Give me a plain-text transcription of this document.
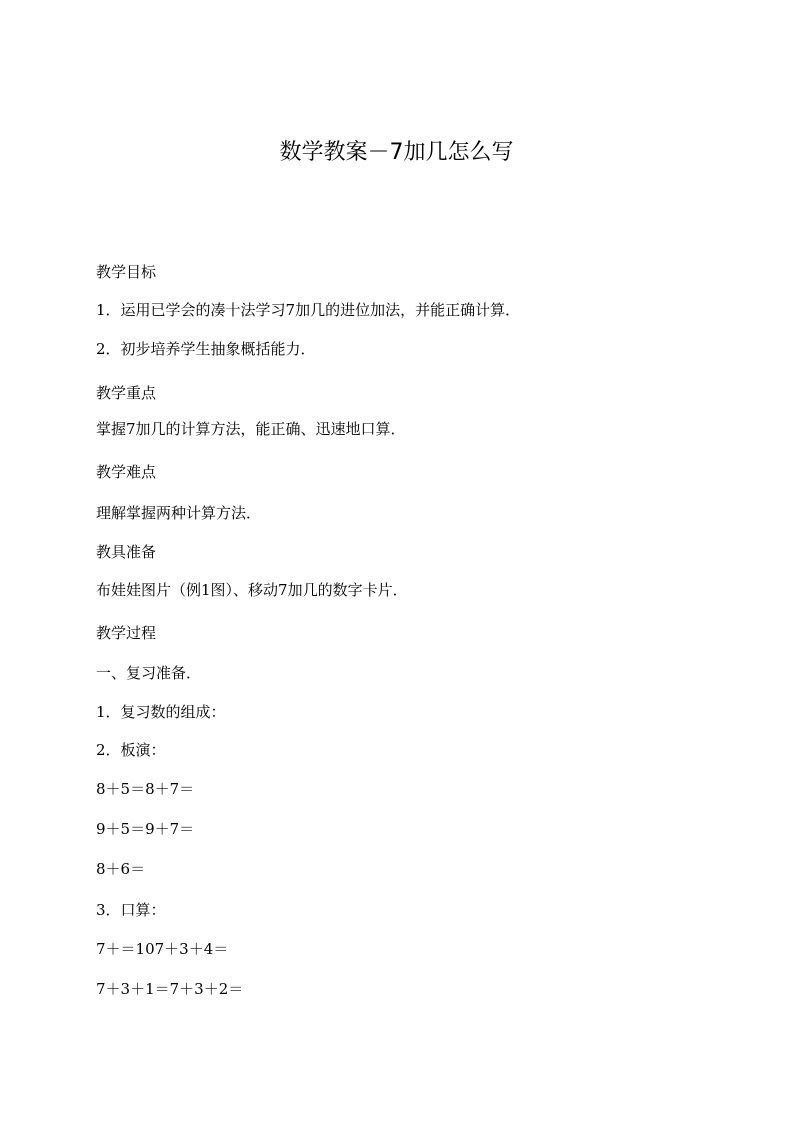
数学教案－7加几怎么写
教学目标
1．运用已学会的凑十法学习7加几的进位加法，并能正确计算．
2．初步培养学生抽象概括能力．
教学重点
掌握7加几的计算方法，能正确、迅速地口算．
教学难点
理解掌握两种计算方法．
教具准备
布娃娃图片（例1图）、移动7加几的数字卡片．
教学过程
一、复习准备．
1．复习数的组成：
2．板演：
8＋5＝8＋7＝
9＋5＝9＋7＝
8＋6＝
3．口算：
7＋＝107＋3＋4＝
7＋3＋1＝7＋3＋2＝
